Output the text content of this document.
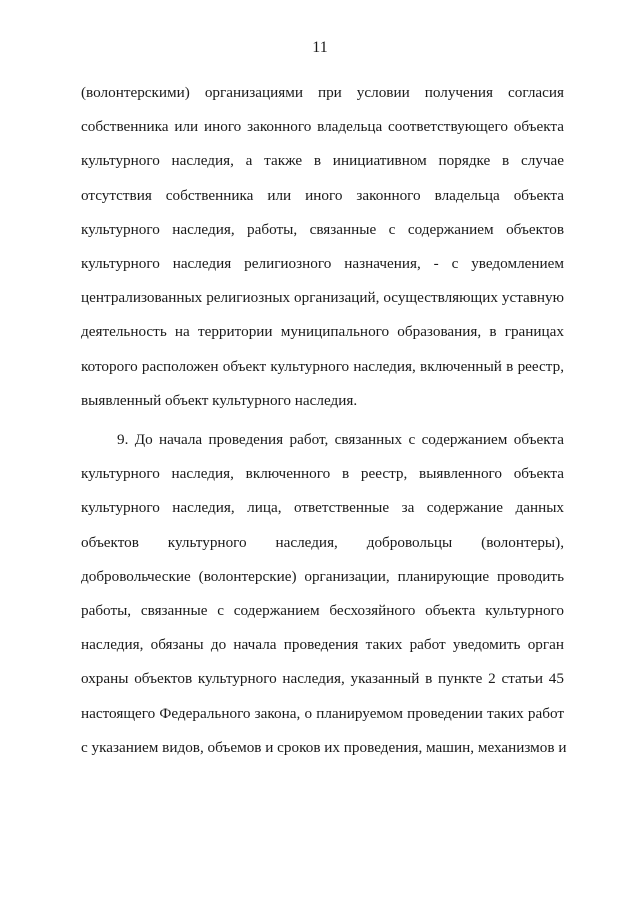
11
(волонтерскими) организациями при условии получения согласия
собственника или иного законного владельца соответствующего объекта
культурного наследия, а также в инициативном порядке в случае
отсутствия собственника или иного законного владельца объекта
культурного наследия, работы, связанные с содержанием объектов
культурного наследия религиозного назначения, - с уведомлением
централизованных религиозных организаций, осуществляющих уставную
деятельность на территории муниципального образования, в границах
которого расположен объект культурного наследия, включенный в реестр,
выявленный объект культурного наследия.
9. До начала проведения работ, связанных с содержанием объекта
культурного наследия, включенного в реестр, выявленного объекта
культурного наследия, лица, ответственные за содержание данных
объектов культурного наследия, добровольцы (волонтеры),
добровольческие (волонтерские) организации, планирующие проводить
работы, связанные с содержанием бесхозяйного объекта культурного
наследия, обязаны до начала проведения таких работ уведомить орган
охраны объектов культурного наследия, указанный в пункте 2 статьи 45
настоящего Федерального закона, о планируемом проведении таких работ
с указанием видов, объемов и сроков их проведения, машин, механизмов и
